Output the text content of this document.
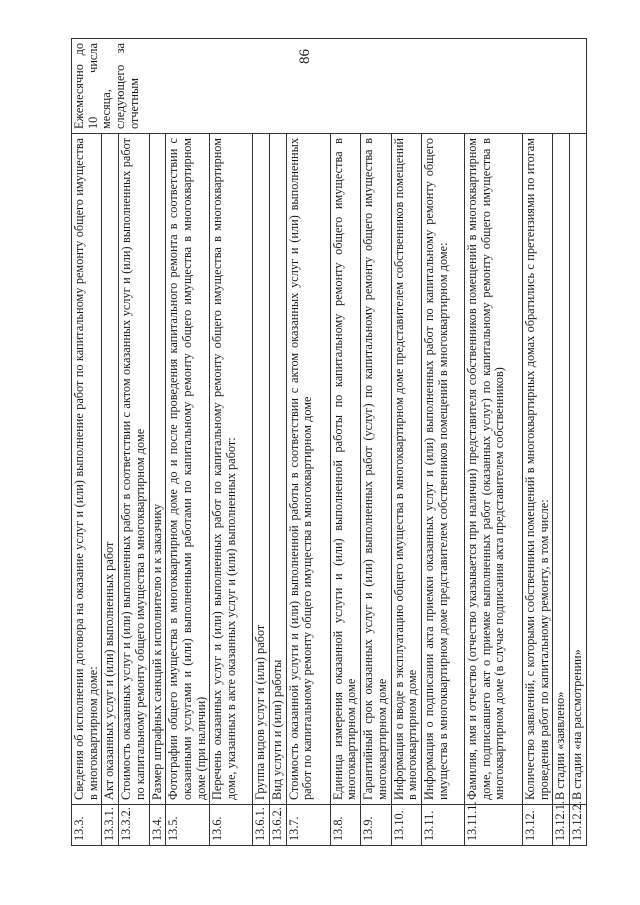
86
13.3.	Сведения об исполнении договора на оказание услуг и (или) выполнение работ по капитальному ремонту общего имущества в многоквартирном доме:	Ежемесячно до 10 числа месяца, следующего за отчетным
13.3.1.	Акт оказанных услуг и (или) выполненных работ	
13.3.2.	Стоимость оказанных услуг и (или) выполненных работ в соответствии с актом оказанных услуг и (или) выполненных работ по капитальному ремонту общего имущества в многоквартирном доме	
13.4.	Размер штрафных санкций к исполнителю и к заказчику	
13.5.	Фотографии общего имущества в многоквартирном доме до и после проведения капитального ремонта в соответствии с оказанными услугами и (или) выполненными работами по капитальному ремонту общего имущества в многоквартирном доме (при наличии)	
13.6.	Перечень оказанных услуг и (или) выполненных работ по капитальному ремонту общего имущества в многоквартирном доме, указанных в акте оказанных услуг и (или) выполненных работ:	
13.6.1.	Группа видов услуг и (или) работ	
13.6.2.	Вид услуги и (или) работы	
13.7.	Стоимость оказанной услуги и (или) выполненной работы в соответствии с актом оказанных услуг и (или) выполненных работ по капитальному ремонту общего имущества в многоквартирном доме	
13.8.	Единица измерения оказанной услуги и (или) выполненной работы по капитальному ремонту общего имущества в многоквартирном доме	
13.9.	Гарантийный срок оказанных услуг и (или) выполненных работ (услуг) по капитальному ремонту общего имущества в многоквартирном доме	
13.10.	Информация о вводе в эксплуатацию общего имущества в многоквартирном доме представителем собственников помещений в многоквартирном доме	
13.11.	Информация о подписании акта приемки оказанных услуг и (или) выполненных работ по капитальному ремонту общего имущества в многоквартирном доме представителем собственников помещений в многоквартирном доме:	
13.11.1.	Фамилия, имя и отчество (отчество указывается при наличии) представителя собственников помещений в многоквартирном доме, подписавшего акт о приемке выполненных работ (оказанных услуг) по капитальному ремонту общего имущества в многоквартирном доме (в случае подписания акта представителем собственников)	
13.12.	Количество заявлений, с которыми собственники помещений в многоквартирных домах обратились с претензиями по итогам проведения работ по капитальному ремонту, в том числе:	
13.12.1.	В стадии «заявлено»	
13.12.2.	В стадии «на рассмотрении»	
